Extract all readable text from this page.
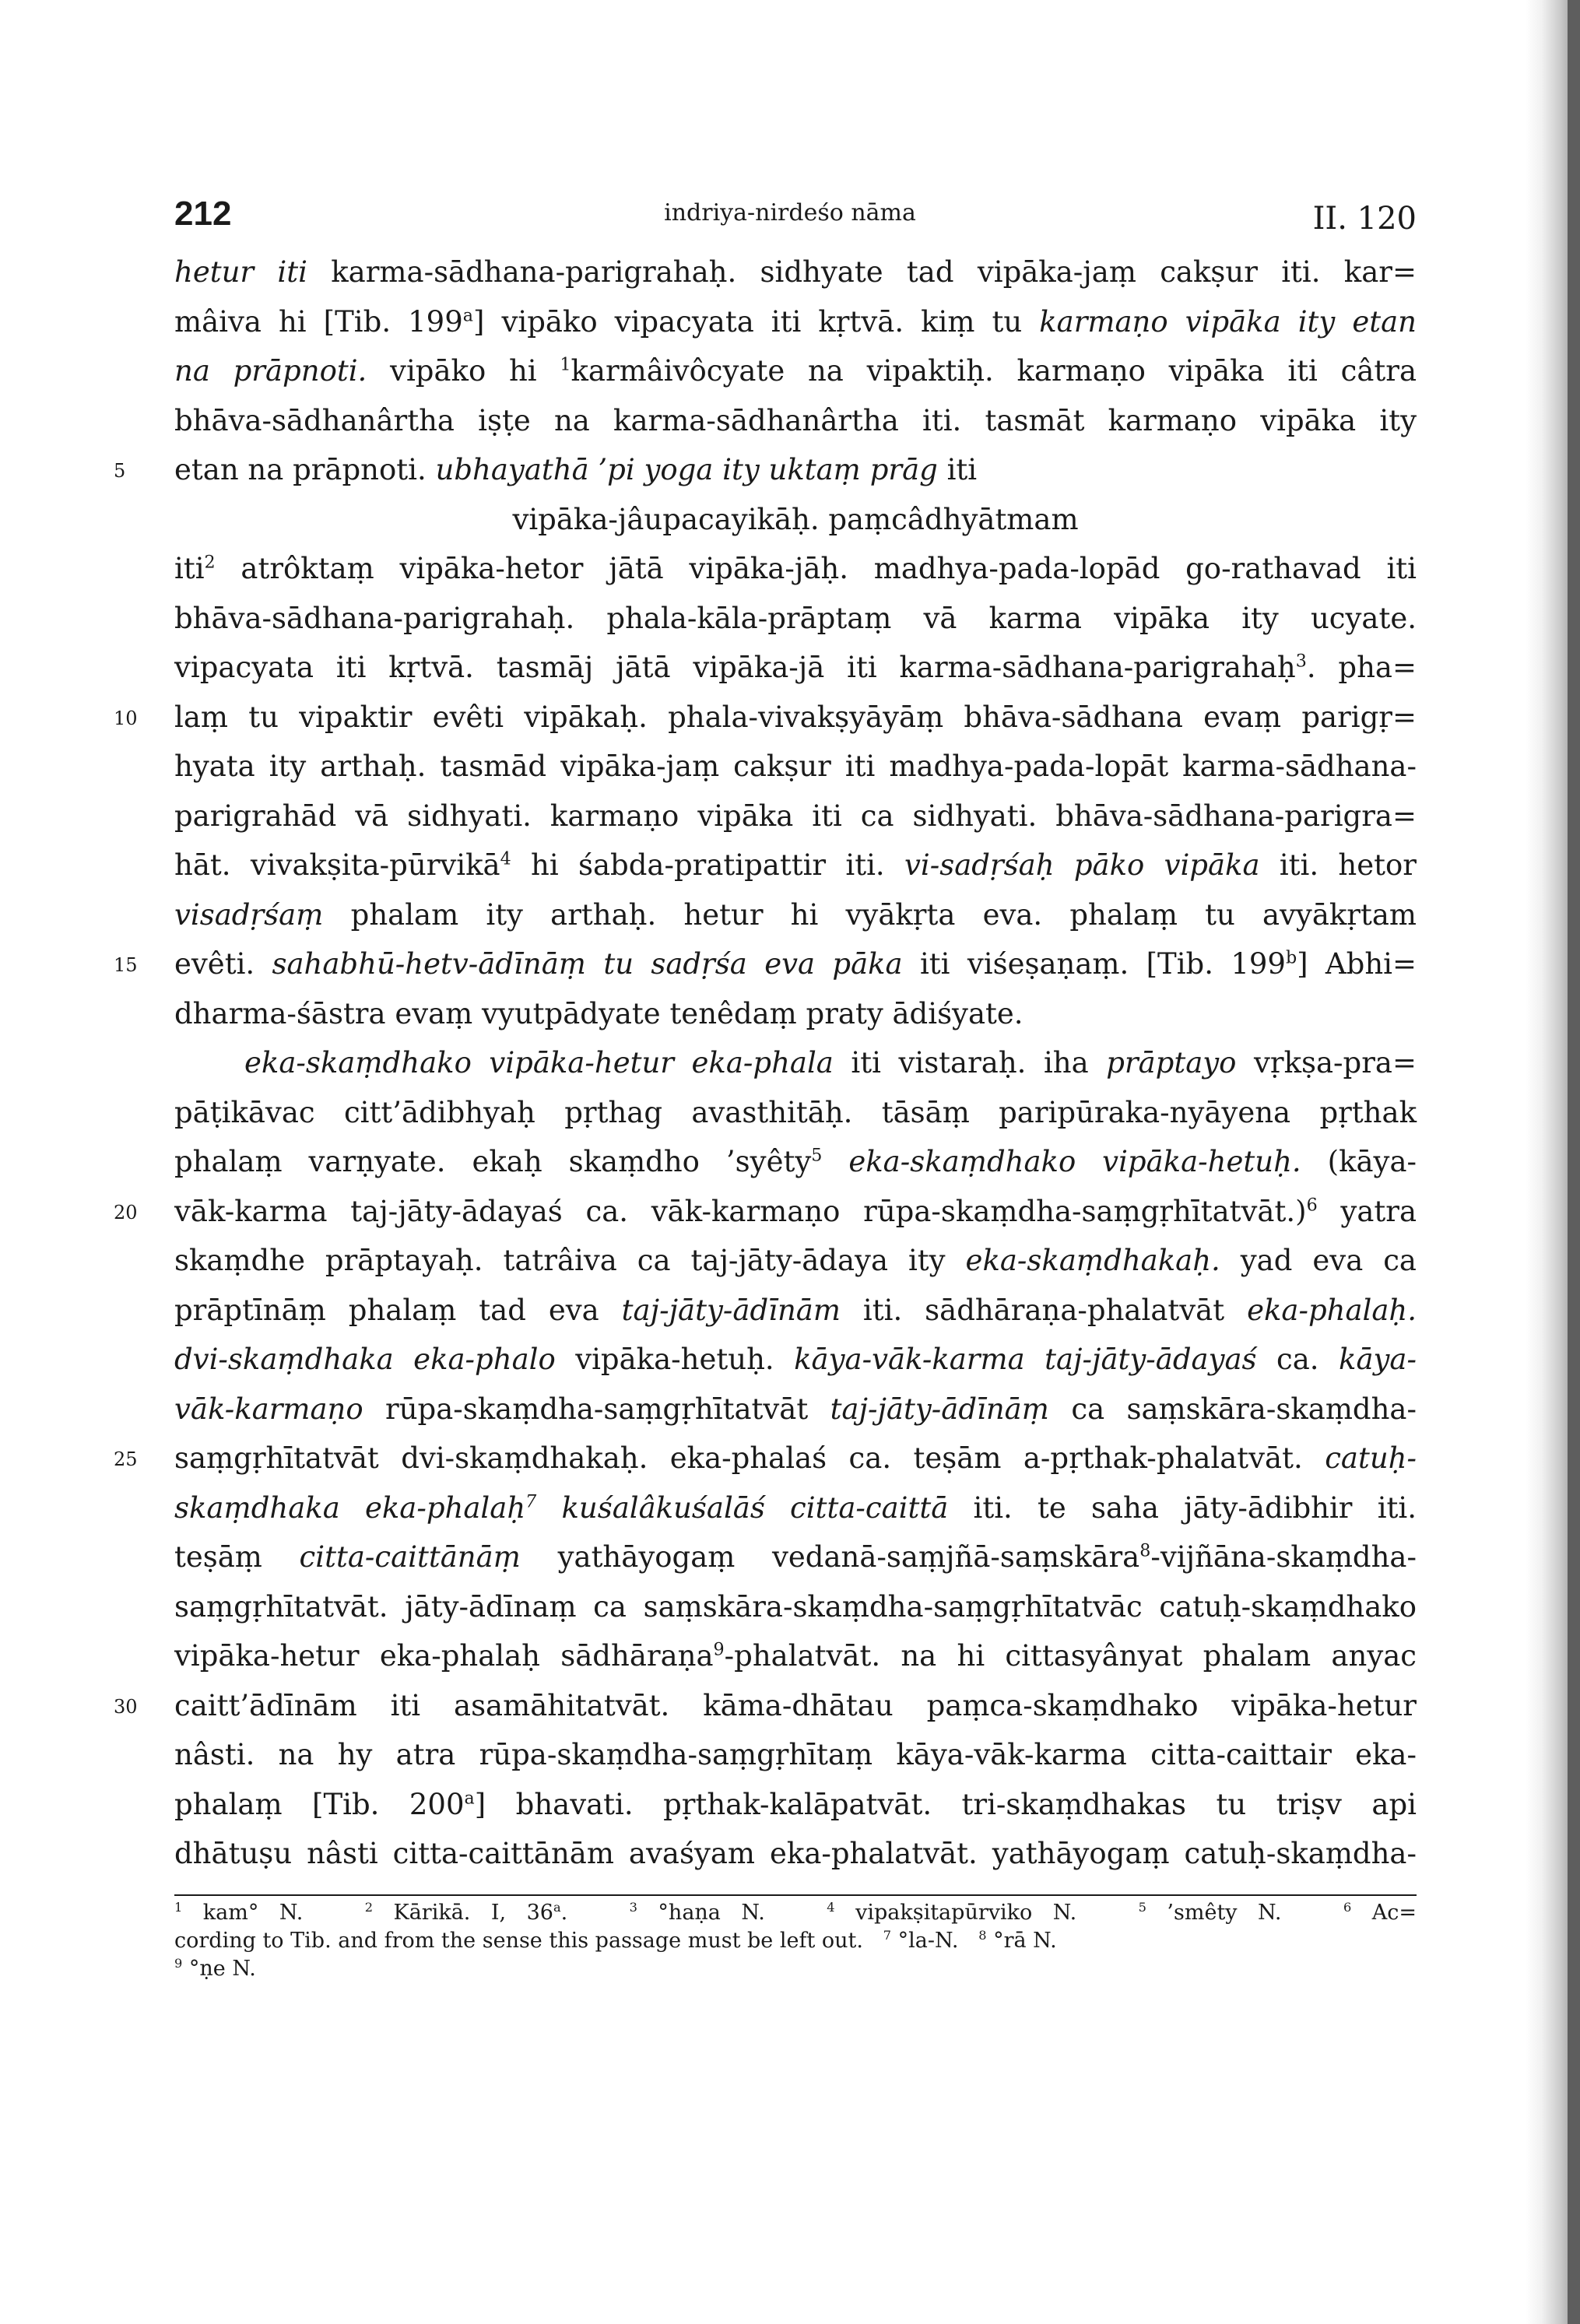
212	indriya-nirdeśo nāma	II. 120
hetur iti karma-sādhana-parigrahaḥ. sidhyate tad vipāka-jaṃ cakṣur iti. kar=
mâiva hi [Tib. 199$^a$] vipāko vipacyata iti kṛtvā. kiṃ tu karmaṇo vipāka ity etan
na prāpnoti. vipāko hi $^1$karmâivôcyate na vipaktiḥ. karmaṇo vipāka iti câtra
bhāva-sādhanârtha iṣṭe na karma-sādhanârtha iti. tasmāt karmaṇo vipāka ity
5 etan na prāpnoti. ubhayathā ’pi yoga ity uktaṃ prāg iti
vipāka-jâupacayikāḥ. paṃcâdhyātmam
iti$^2$ atrôktaṃ vipāka-hetor jātā vipāka-jāḥ. madhya-pada-lopād go-rathavad iti
bhāva-sādhana-parigrahaḥ. phala-kāla-prāptaṃ vā karma vipāka ity ucyate.
vipacyata iti kṛtvā. tasmāj jātā vipāka-jā iti karma-sādhana-parigrahaḥ$^3$. pha=
10 laṃ tu vipaktir evêti vipākaḥ. phala-vivakṣyāyāṃ bhāva-sādhana evaṃ parigṛ=
hyata ity arthaḥ. tasmād vipāka-jaṃ cakṣur iti madhya-pada-lopāt karma-sādhana-
parigrahād vā sidhyati. karmaṇo vipāka iti ca sidhyati. bhāva-sādhana-parigra=
hāt. vivakṣita-pūrvikā$^4$ hi śabda-pratipattir iti. vi-sadṛśaḥ pāko vipāka iti. hetor
visadṛśaṃ phalam ity arthaḥ. hetur hi vyākṛta eva. phalaṃ tu avyākṛtam
15 evêti. sahabhū-hetv-ādīnāṃ tu sadṛśa eva pāka iti viśeṣaṇaṃ. [Tib. 199$^b$] Abhi=
dharma-śāstra evaṃ vyutpādyate tenêdaṃ praty ādiśyate.
eka-skaṃdhako vipāka-hetur eka-phala iti vistaraḥ. iha prāptayo vṛkṣa-pra=
pāṭikāvac citt’ādibhyaḥ pṛthag avasthitāḥ. tāsāṃ paripūraka-nyāyena pṛthak
phalaṃ varṇyate. ekaḥ skaṃdho ’syêty$^5$ eka-skaṃdhako vipāka-hetuḥ. (kāya-
20 vāk-karma taj-jāty-ādayaś ca. vāk-karmaṇo rūpa-skaṃdha-saṃgṛhītatvāt.)$^6$ yatra
skaṃdhe prāptayaḥ. tatrâiva ca taj-jāty-ādaya ity eka-skaṃdhakaḥ. yad eva ca
prāptīnāṃ phalaṃ tad eva taj-jāty-ādīnām iti. sādhāraṇa-phalatvāt eka-phalaḥ.
dvi-skaṃdhaka eka-phalo vipāka-hetuḥ. kāya-vāk-karma taj-jāty-ādayaś ca. kāya-
vāk-karmaṇo rūpa-skaṃdha-saṃgṛhītatvāt taj-jāty-ādīnāṃ ca saṃskāra-skaṃdha-
25 saṃgṛhītatvāt dvi-skaṃdhakaḥ. eka-phalaś ca. teṣām a-pṛthak-phalatvāt. catuḥ-
skaṃdhaka eka-phalaḥ$^7$ kuśalâkuśalāś citta-caittā iti. te saha jāty-ādibhir iti.
teṣāṃ citta-caittānāṃ yathāyogaṃ vedanā-saṃjñā-saṃskāra$^8$-vijñāna-skaṃdha-
saṃgṛhītatvāt. jāty-ādīnaṃ ca saṃskāra-skaṃdha-saṃgṛhītatvāc catuḥ-skaṃdhako
vipāka-hetur eka-phalaḥ sādhāraṇa$^9$-phalatvāt. na hi cittasyânyat phalam anyac
30 caitt’ādīnām iti asamāhitatvāt. kāma-dhātau paṃca-skaṃdhako vipāka-hetur
nâsti. na hy atra rūpa-skaṃdha-saṃgṛhītaṃ kāya-vāk-karma citta-caittair eka-
phalaṃ [Tib. 200$^a$] bhavati. pṛthak-kalāpatvāt. tri-skaṃdhakas tu triṣv api
dhātuṣu nâsti citta-caittānām avaśyam eka-phalatvāt. yathāyogaṃ catuḥ-skaṃdha-
$^1$ kam° N.   $^2$ Kārikā. I, 36$^a$.   $^3$ °haṇa N.   $^4$ vipakṣitapūrviko N.   $^5$ ’smêty N.   $^6$ Ac=
cording to Tib. and from the sense this passage must be left out.   $^7$ °la-N.   $^8$ °rā N.
$^9$ °ṇe N.
